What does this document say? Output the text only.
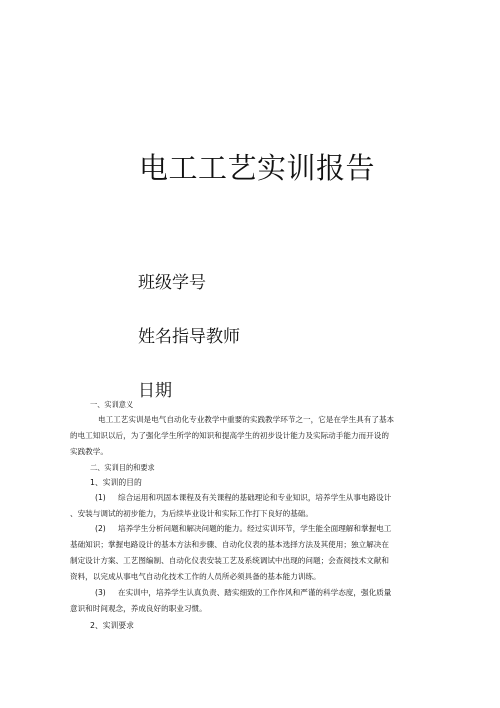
电工工艺实训报告
班级学号
姓名指导教师
日期
一、实训意义
电工工艺实训是电气自动化专业教学中重要的实践教学环节之一，它是在学生具有了基本
的电工知识以后，为了强化学生所学的知识和提高学生的初步设计能力及实际动手能力而开设的
实践教学。
二、实训目的和要求
1、实训的目的
(1) 综合运用和巩固本课程及有关课程的基础理论和专业知识，培养学生从事电路设计
、安装与调试的初步能力，为后续毕业设计和实际工作打下良好的基础。
(2) 培养学生分析问题和解决问题的能力。经过实训环节，学生能全面理解和掌握电工
基础知识；掌握电路设计的基本方法和步骤、自动化仪表的基本选择方法及其使用；独立解决在
制定设计方案、工艺图编制、自动化仪表安装工艺及系统调试中出现的问题；会查阅技术文献和
资料，以完成从事电气自动化技术工作的人员所必须具备的基本能力训练。
(3) 在实训中，培养学生认真负责、踏实细致的工作作风和严谨的科学态度，强化质量
意识和时间观念，养成良好的职业习惯。
2、实训要求
